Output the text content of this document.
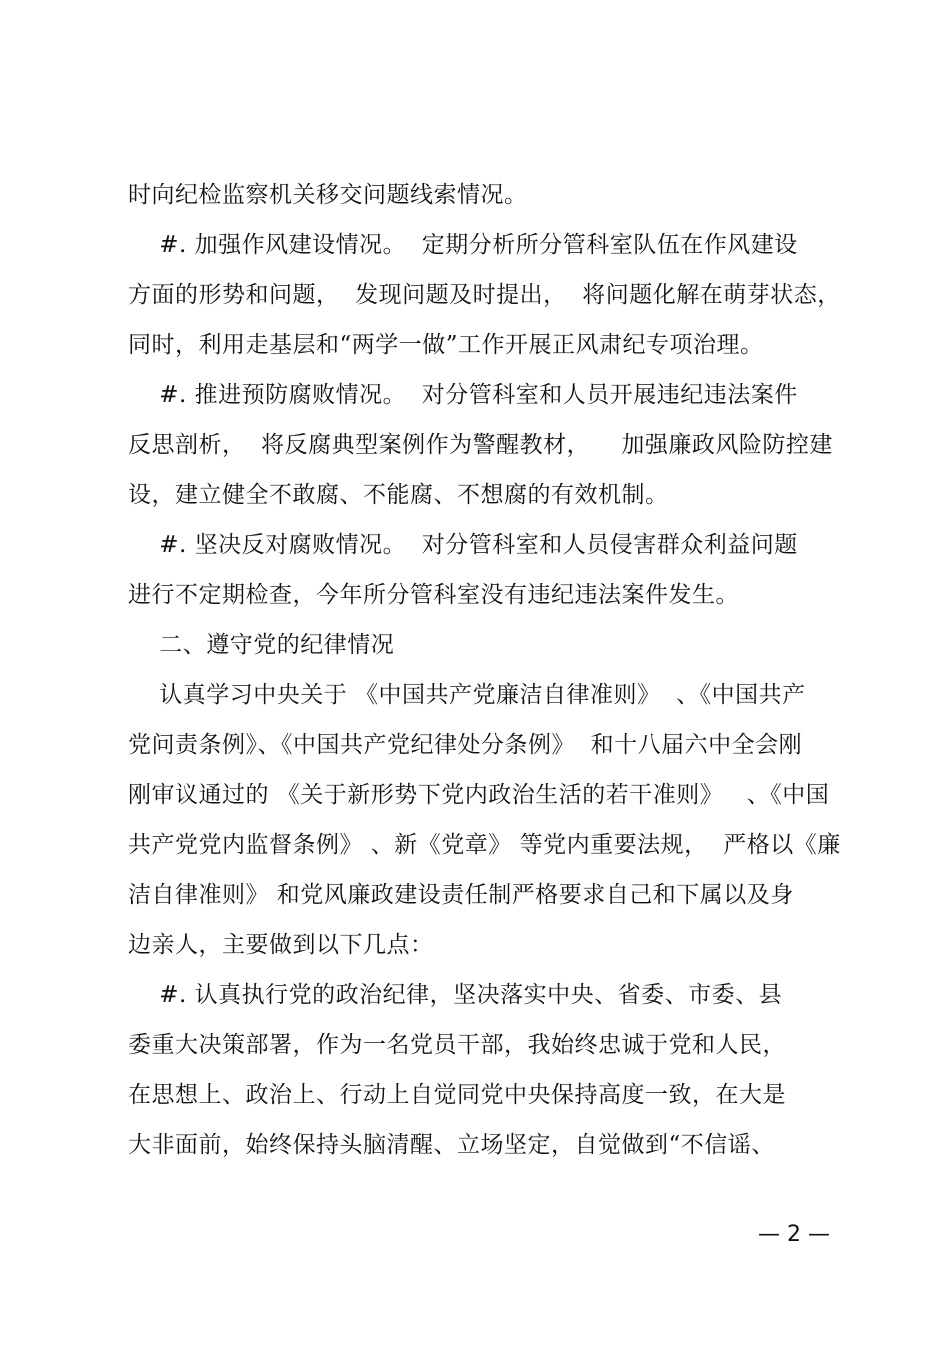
时向纪检监察机关移交问题线索情况。
#. 加强作风建设情况。  定期分析所分管科室队伍在作风建设
方面的形势和问题，  发现问题及时提出，  将问题化解在萌芽状态，
同时，利用走基层和“两学一做”工作开展正风肃纪专项治理。
#. 推进预防腐败情况。  对分管科室和人员开展违纪违法案件
反思剖析，  将反腐典型案例作为警醒教材，    加强廉政风险防控建
设，建立健全不敢腐、不能腐、不想腐的有效机制。
#. 坚决反对腐败情况。  对分管科室和人员侵害群众利益问题
进行不定期检查，今年所分管科室没有违纪违法案件发生。
二、遵守党的纪律情况
认真学习中央关于 《中国共产党廉洁自律准则》  、《中国共产
党问责条例》、《中国共产党纪律处分条例》  和十八届六中全会刚
刚审议通过的 《关于新形势下党内政治生活的若干准则》   、《中国
共产党党内监督条例》 、新《党章》 等党内重要法规，  严格以《廉
洁自律准则》 和党风廉政建设责任制严格要求自己和下属以及身
边亲人，主要做到以下几点：
#. 认真执行党的政治纪律，坚决落实中央、省委、市委、县
委重大决策部署，作为一名党员干部，我始终忠诚于党和人民，
在思想上、政治上、行动上自觉同党中央保持高度一致，在大是
大非面前，始终保持头脑清醒、立场坚定，自觉做到“不信谣、
— 2 —
